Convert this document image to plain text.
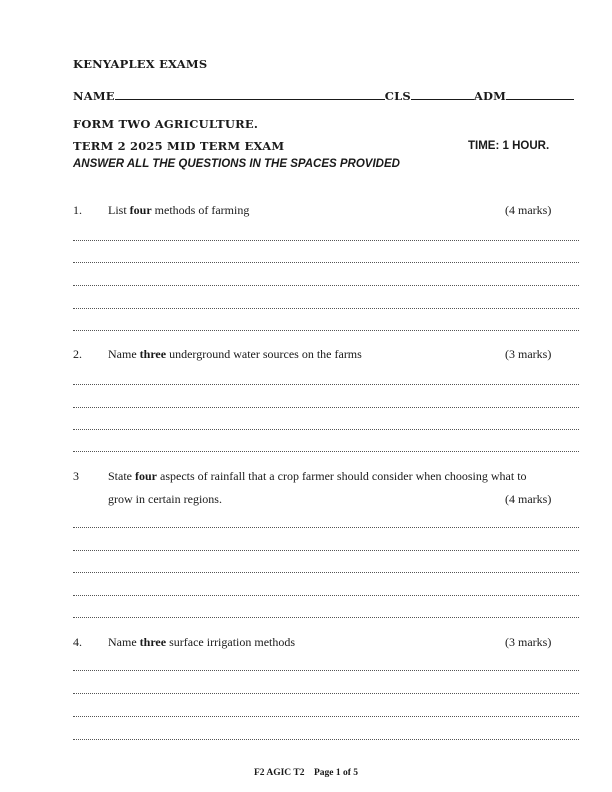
KENYAPLEX EXAMS
NAME	CLS	ADM
FORM TWO AGRICULTURE.
TERM 2 2025 MID TERM EXAM	TIME: 1 HOUR.
ANSWER ALL THE QUESTIONS IN THE SPACES PROVIDED
1. List four methods of farming	(4 marks)
2. Name three underground water sources on the farms	(3 marks)
3 State four aspects of rainfall that a crop farmer should consider when choosing what to
grow in certain regions.	(4 marks)
4. Name three surface irrigation methods	(3 marks)
F2 AGIC T2 Page 1 of 5
